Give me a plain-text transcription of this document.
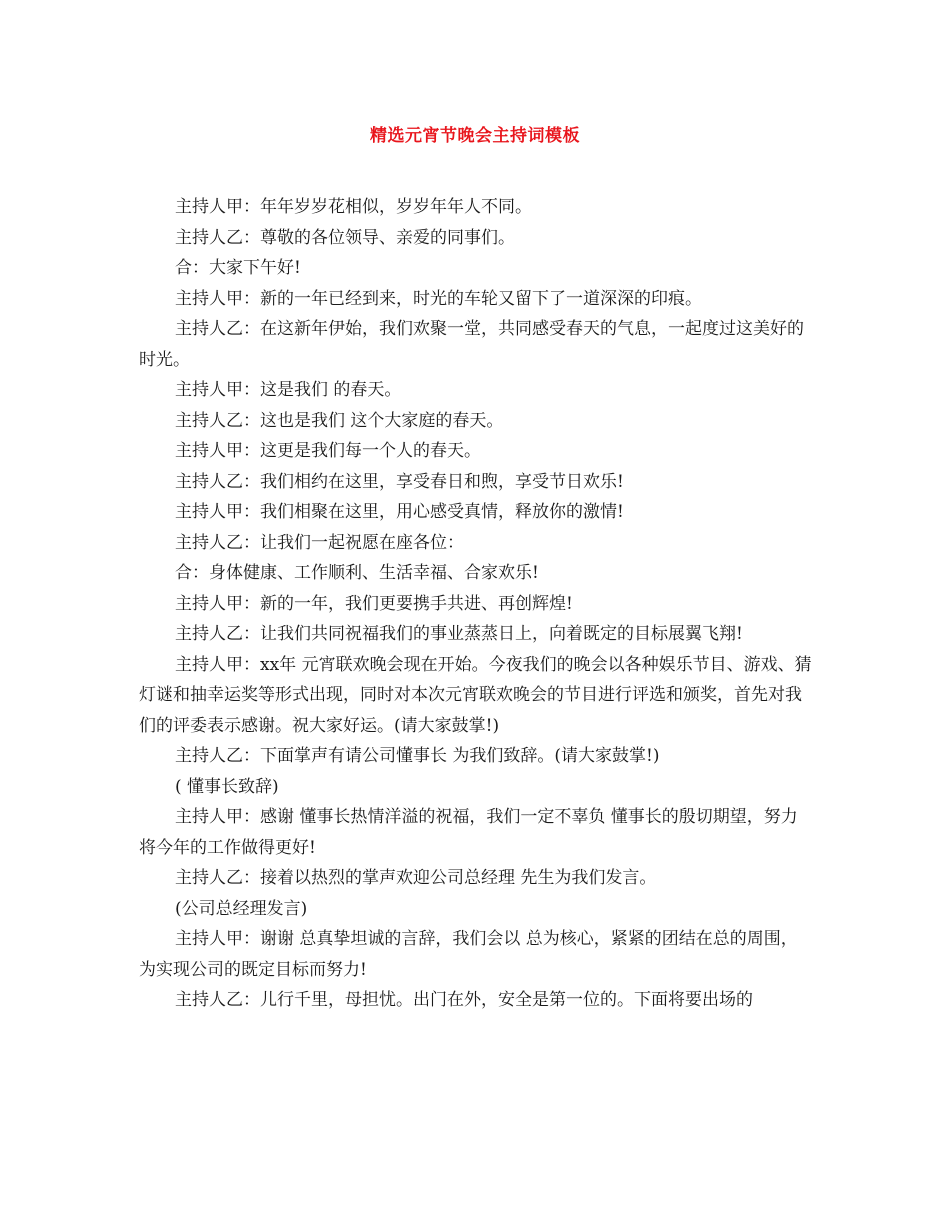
精选元宵节晚会主持词模板

主持人甲：年年岁岁花相似，岁岁年年人不同。

主持人乙：尊敬的各位领导、亲爱的同事们。

合：大家下午好!

主持人甲：新的一年已经到来，时光的车轮又留下了一道深深的印痕。

主持人乙：在这新年伊始，我们欢聚一堂，共同感受春天的气息，一起度过这美好的时光。

主持人甲：这是我们 的春天。

主持人乙：这也是我们 这个大家庭的春天。

主持人甲：这更是我们每一个人的春天。

主持人乙：我们相约在这里，享受春日和煦，享受节日欢乐!

主持人甲：我们相聚在这里，用心感受真情，释放你的激情!

主持人乙：让我们一起祝愿在座各位：

合：身体健康、工作顺利、生活幸福、合家欢乐!

主持人甲：新的一年，我们更要携手共进、再创辉煌!

主持人乙：让我们共同祝福我们的事业蒸蒸日上，向着既定的目标展翼飞翔!

主持人甲：xx年 元宵联欢晚会现在开始。今夜我们的晚会以各种娱乐节目、游戏、猜灯谜和抽幸运奖等形式出现，同时对本次元宵联欢晚会的节目进行评选和颁奖，首先对我们的评委表示感谢。祝大家好运。(请大家鼓掌!)

主持人乙：下面掌声有请公司懂事长 为我们致辞。(请大家鼓掌!)

( 懂事长致辞)

主持人甲：感谢 懂事长热情洋溢的祝福，我们一定不辜负 懂事长的殷切期望，努力将今年的工作做得更好!

主持人乙：接着以热烈的掌声欢迎公司总经理 先生为我们发言。

(公司总经理发言)

主持人甲：谢谢 总真挚坦诚的言辞，我们会以 总为核心，紧紧的团结在总的周围，为实现公司的既定目标而努力!

主持人乙：儿行千里，母担忧。出门在外，安全是第一位的。下面将要出场的
